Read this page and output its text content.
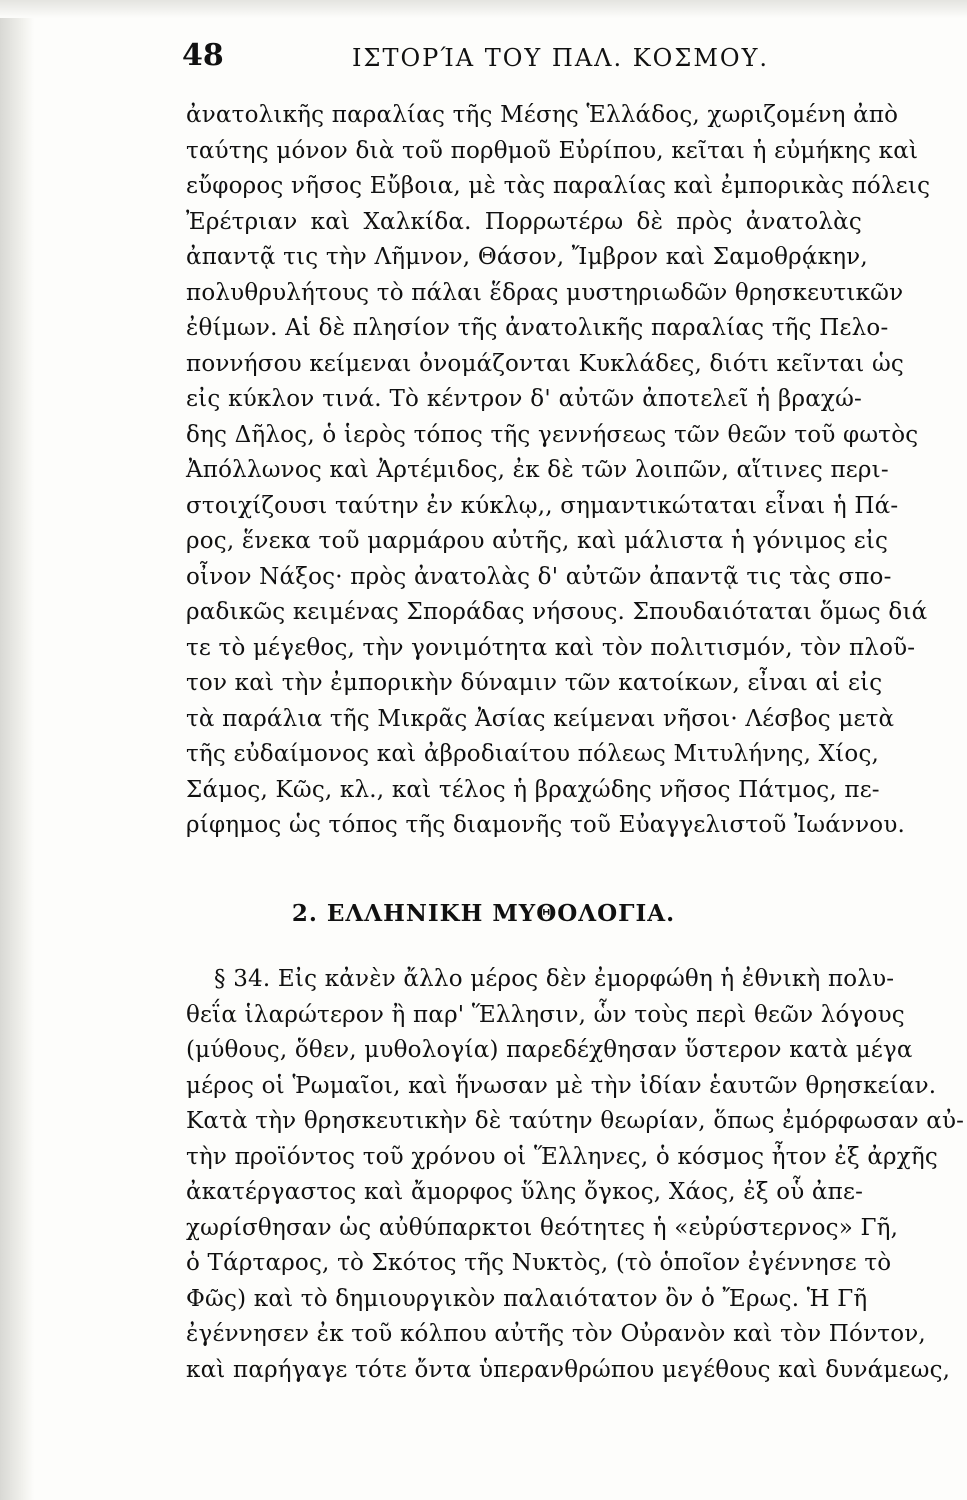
48	ΙΣΤΟΡΊΑ ΤΟΥ ΠΑΛ. ΚΟΣΜΟΥ.
ἀνατολικῆς παραλίας τῆς Μέσης Ἑλλάδος, χωριζομένη ἀπὸ
ταύτης μόνον διὰ τοῦ πορθμοῦ Εὐρίπου, κεῖται ἡ εὐμήκης καὶ
εὔφορος νῆσος Εὔβοια, μὲ τὰς παραλίας καὶ ἐμπορικὰς πόλεις
Ἐρέτριαν καὶ Χαλκίδα. Πορρωτέρω δὲ πρὸς ἀνατολὰς
ἀπαντᾷ τις τὴν Λῆμνον, Θάσον, Ἴμβρον καὶ Σαμοθρᾴκην,
πολυθρυλήτους τὸ πάλαι ἕδρας μυστηριωδῶν θρησκευτικῶν
ἐθίμων. Αἱ δὲ πλησίον τῆς ἀνατολικῆς παραλίας τῆς Πελο-
ποννήσου κείμεναι ὀνομάζονται Κυκλάδες, διότι κεῖνται ὡς
εἰς κύκλον τινά. Τὸ κέντρον δ' αὐτῶν ἀποτελεῖ ἡ βραχώ-
δης Δῆλος, ὁ ἱερὸς τόπος τῆς γεννήσεως τῶν θεῶν τοῦ φωτὸς
Ἀπόλλωνος καὶ Ἀρτέμιδος, ἐκ δὲ τῶν λοιπῶν, αἵτινες περι-
στοιχίζουσι ταύτην ἐν κύκλῳ,, σημαντικώταται εἶναι ἡ Πά-
ρος, ἕνεκα τοῦ μαρμάρου αὐτῆς, καὶ μάλιστα ἡ γόνιμος εἰς
οἶνον Νάξος· πρὸς ἀνατολὰς δ' αὐτῶν ἀπαντᾷ τις τὰς σπο-
ραδικῶς κειμένας Σποράδας νήσους. Σπουδαιόταται ὅμως διά
τε τὸ μέγεθος, τὴν γονιμότητα καὶ τὸν πολιτισμόν, τὸν πλοῦ-
τον καὶ τὴν ἐμπορικὴν δύναμιν τῶν κατοίκων, εἶναι αἱ εἰς
τὰ παράλια τῆς Μικρᾶς Ἀσίας κείμεναι νῆσοι· Λέσβος μετὰ
τῆς εὐδαίμονος καὶ ἀβροδιαίτου πόλεως Μιτυλήνης, Χίος,
Σάμος, Κῶς, κλ., καὶ τέλος ἡ βραχώδης νῆσος Πάτμος, πε-
ρίφημος ὡς τόπος τῆς διαμονῆς τοῦ Εὐαγγελιστοῦ Ἰωάννου.
2. ΕΛΛΗΝΙΚΗ ΜΥΘΟΛΟΓΙΑ.
§ 34. Εἰς κἀνὲν ἄλλο μέρος δὲν ἐμορφώθη ἡ ἐθνικὴ πολυ-
θεΐα ἱλαρώτερον ἢ παρ' Ἕλλησιν, ὧν τοὺς περὶ θεῶν λόγους
(μύθους, ὅθεν, μυθολογία) παρεδέχθησαν ὕστερον κατὰ μέγα
μέρος οἱ Ῥωμαῖοι, καὶ ἥνωσαν μὲ τὴν ἰδίαν ἑαυτῶν θρησκείαν.
Κατὰ τὴν θρησκευτικὴν δὲ ταύτην θεωρίαν, ὅπως ἐμόρφωσαν αὐ-
τὴν προϊόντος τοῦ χρόνου οἱ Ἕλληνες, ὁ κόσμος ἦτον ἐξ ἀρχῆς
ἀκατέργαστος καὶ ἄμορφος ὕλης ὄγκος, Χάος, ἐξ οὗ ἀπε-
χωρίσθησαν ὡς αὐθύπαρκτοι θεότητες ἡ «εὐρύστερνος» Γῆ,
ὁ Τάρταρος, τὸ Σκότος τῆς Νυκτὸς, (τὸ ὁποῖον ἐγέννησε τὸ
Φῶς) καὶ τὸ δημιουργικὸν παλαιότατον ὂν ὁ Ἔρως. Ἡ Γῆ
ἐγέννησεν ἐκ τοῦ κόλπου αὐτῆς τὸν Οὐρανὸν καὶ τὸν Πόντον,
καὶ παρήγαγε τότε ὄντα ὑπερανθρώπου μεγέθους καὶ δυνάμεως,
